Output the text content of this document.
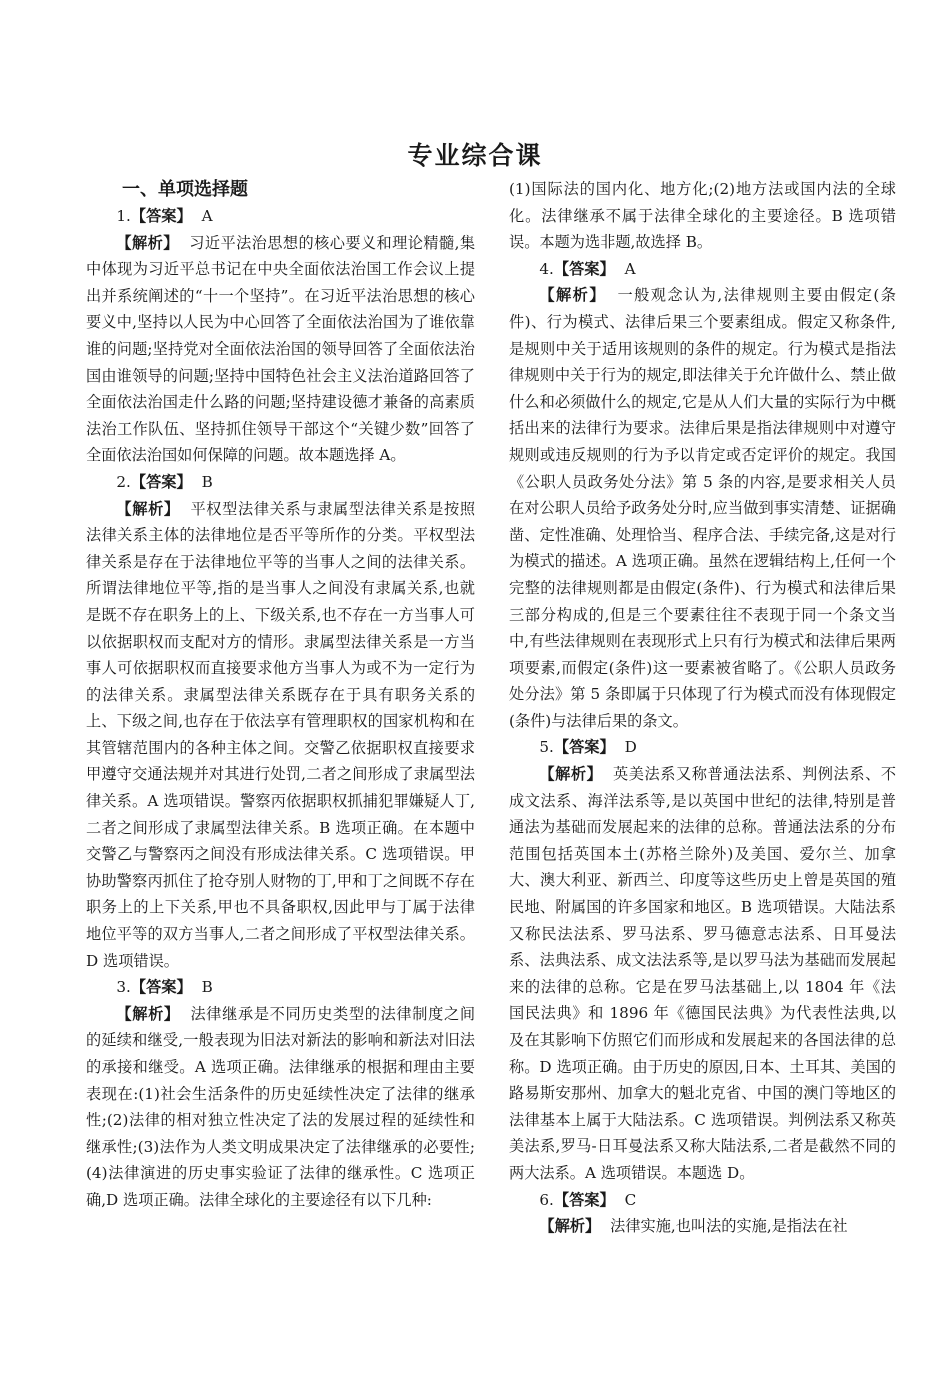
专业综合课
一、单项选择题
1.【答案】 A

【解析】 习近平法治思想的核心要义和理论精髓,集中体现为习近平总书记在中央全面依法治国工作会议上提出并系统阐述的“十一个坚持”。在习近平法治思想的核心要义中,坚持以人民为中心回答了全面依法治国为了谁依靠谁的问题;坚持党对全面依法治国的领导回答了全面依法治国由谁领导的问题;坚持中国特色社会主义法治道路回答了全面依法治国走什么路的问题;坚持建设德才兼备的高素质法治工作队伍、坚持抓住领导干部这个“关键少数”回答了全面依法治国如何保障的问题。故本题选择 A。

2.【答案】 B

【解析】 平权型法律关系与隶属型法律关系是按照法律关系主体的法律地位是否平等所作的分类。平权型法律关系是存在于法律地位平等的当事人之间的法律关系。所谓法律地位平等,指的是当事人之间没有隶属关系,也就是既不存在职务上的上、下级关系,也不存在一方当事人可以依据职权而支配对方的情形。隶属型法律关系是一方当事人可依据职权而直接要求他方当事人为或不为一定行为的法律关系。隶属型法律关系既存在于具有职务关系的上、下级之间,也存在于依法享有管理职权的国家机构和在其管辖范围内的各种主体之间。交警乙依据职权直接要求甲遵守交通法规并对其进行处罚,二者之间形成了隶属型法律关系。A 选项错误。警察丙依据职权抓捕犯罪嫌疑人丁,二者之间形成了隶属型法律关系。B 选项正确。在本题中交警乙与警察丙之间没有形成法律关系。C 选项错误。甲协助警察丙抓住了抢夺别人财物的丁,甲和丁之间既不存在职务上的上下关系,甲也不具备职权,因此甲与丁属于法律地位平等的双方当事人,二者之间形成了平权型法律关系。D 选项错误。

3.【答案】 B

【解析】 法律继承是不同历史类型的法律制度之间的延续和继受,一般表现为旧法对新法的影响和新法对旧法的承接和继受。A 选项正确。法律继承的根据和理由主要表现在:(1)社会生活条件的历史延续性决定了法律的继承性;(2)法律的相对独立性决定了法的发展过程的延续性和继承性;(3)法作为人类文明成果决定了法律继承的必要性;(4)法律演进的历史事实验证了法律的继承性。C 选项正确,D 选项正确。法律全球化的主要途径有以下几种:

(1)国际法的国内化、地方化;(2)地方法或国内法的全球化。法律继承不属于法律全球化的主要途径。B 选项错误。本题为选非题,故选择 B。

4.【答案】 A

【解析】 一般观念认为,法律规则主要由假定(条件)、行为模式、法律后果三个要素组成。假定又称条件,是规则中关于适用该规则的条件的规定。行为模式是指法律规则中关于行为的规定,即法律关于允许做什么、禁止做什么和必须做什么的规定,它是从人们大量的实际行为中概括出来的法律行为要求。法律后果是指法律规则中对遵守规则或违反规则的行为予以肯定或否定评价的规定。我国《公职人员政务处分法》第 5 条的内容,是要求相关人员在对公职人员给予政务处分时,应当做到事实清楚、证据确凿、定性准确、处理恰当、程序合法、手续完备,这是对行为模式的描述。A 选项正确。虽然在逻辑结构上,任何一个完整的法律规则都是由假定(条件)、行为模式和法律后果三部分构成的,但是三个要素往往不表现于同一个条文当中,有些法律规则在表现形式上只有行为模式和法律后果两项要素,而假定(条件)这一要素被省略了。《公职人员政务处分法》第 5 条即属于只体现了行为模式而没有体现假定(条件)与法律后果的条文。

5.【答案】 D

【解析】 英美法系又称普通法法系、判例法系、不成文法系、海洋法系等,是以英国中世纪的法律,特别是普通法为基础而发展起来的法律的总称。普通法法系的分布范围包括英国本土(苏格兰除外)及美国、爱尔兰、加拿大、澳大利亚、新西兰、印度等这些历史上曾是英国的殖民地、附属国的许多国家和地区。B 选项错误。大陆法系又称民法法系、罗马法系、罗马德意志法系、日耳曼法系、法典法系、成文法法系等,是以罗马法为基础而发展起来的法律的总称。它是在罗马法基础上,以 1804 年《法国民法典》和 1896 年《德国民法典》为代表性法典,以及在其影响下仿照它们而形成和发展起来的各国法律的总称。D 选项正确。由于历史的原因,日本、土耳其、美国的路易斯安那州、加拿大的魁北克省、中国的澳门等地区的法律基本上属于大陆法系。C 选项错误。判例法系又称英美法系,罗马-日耳曼法系又称大陆法系,二者是截然不同的两大法系。A 选项错误。本题选 D。

6.【答案】 C

【解析】 法律实施,也叫法的实施,是指法在社
